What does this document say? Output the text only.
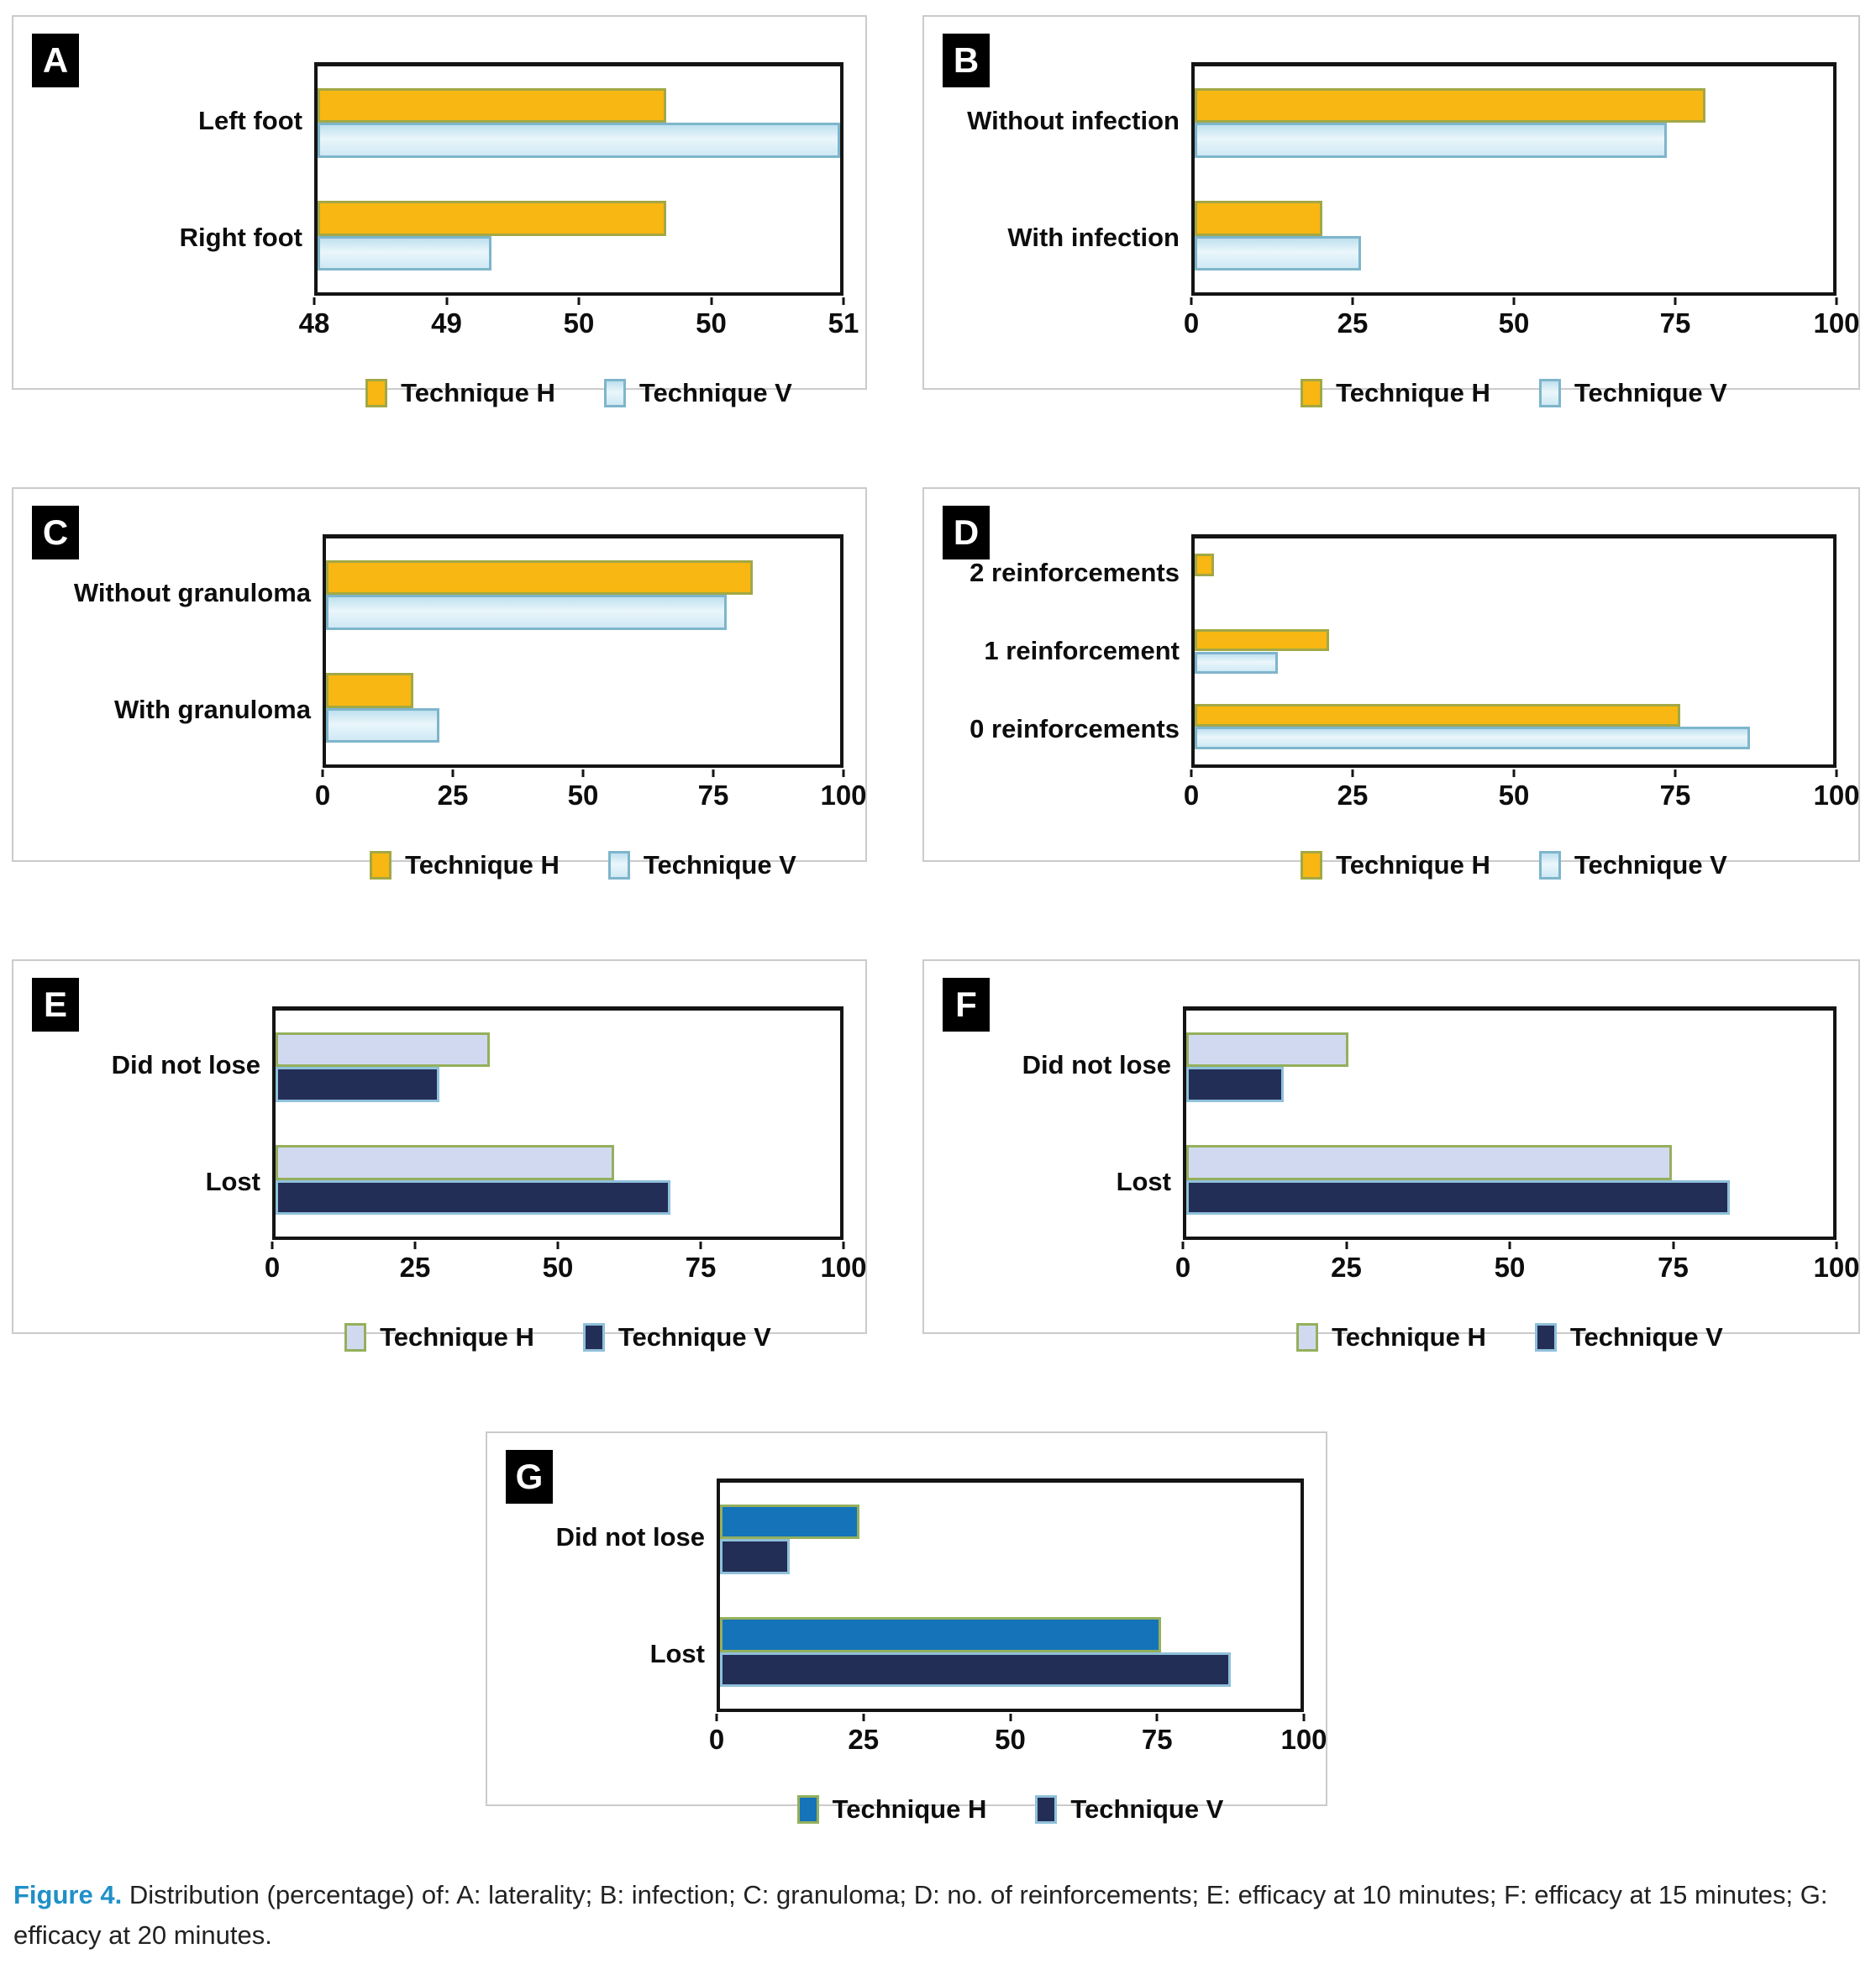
A
Left foot
Right foot
48	49	50	50	51
Technique H	Technique V
B
Without infection
With infection
0	25	50	75	100
Technique H	Technique V
C
Without granuloma
With granuloma
0	25	50	75	100
Technique H	Technique V
D
2 reinforcements
1 reinforcement
0 reinforcements
0	25	50	75	100
Technique H	Technique V
E
Did not lose
Lost
0	25	50	75	100
Technique H	Technique V
F
Did not lose
Lost
0	25	50	75	100
Technique H	Technique V
G
Did not lose
Lost
0	25	50	75	100
Technique H	Technique V

Figure 4. Distribution (percentage) of: A: laterality; B: infection; C: granuloma; D: no. of reinforcements; E: efficacy at 10 minutes; F: efficacy at 15 minutes; G: efficacy at 20 minutes.
